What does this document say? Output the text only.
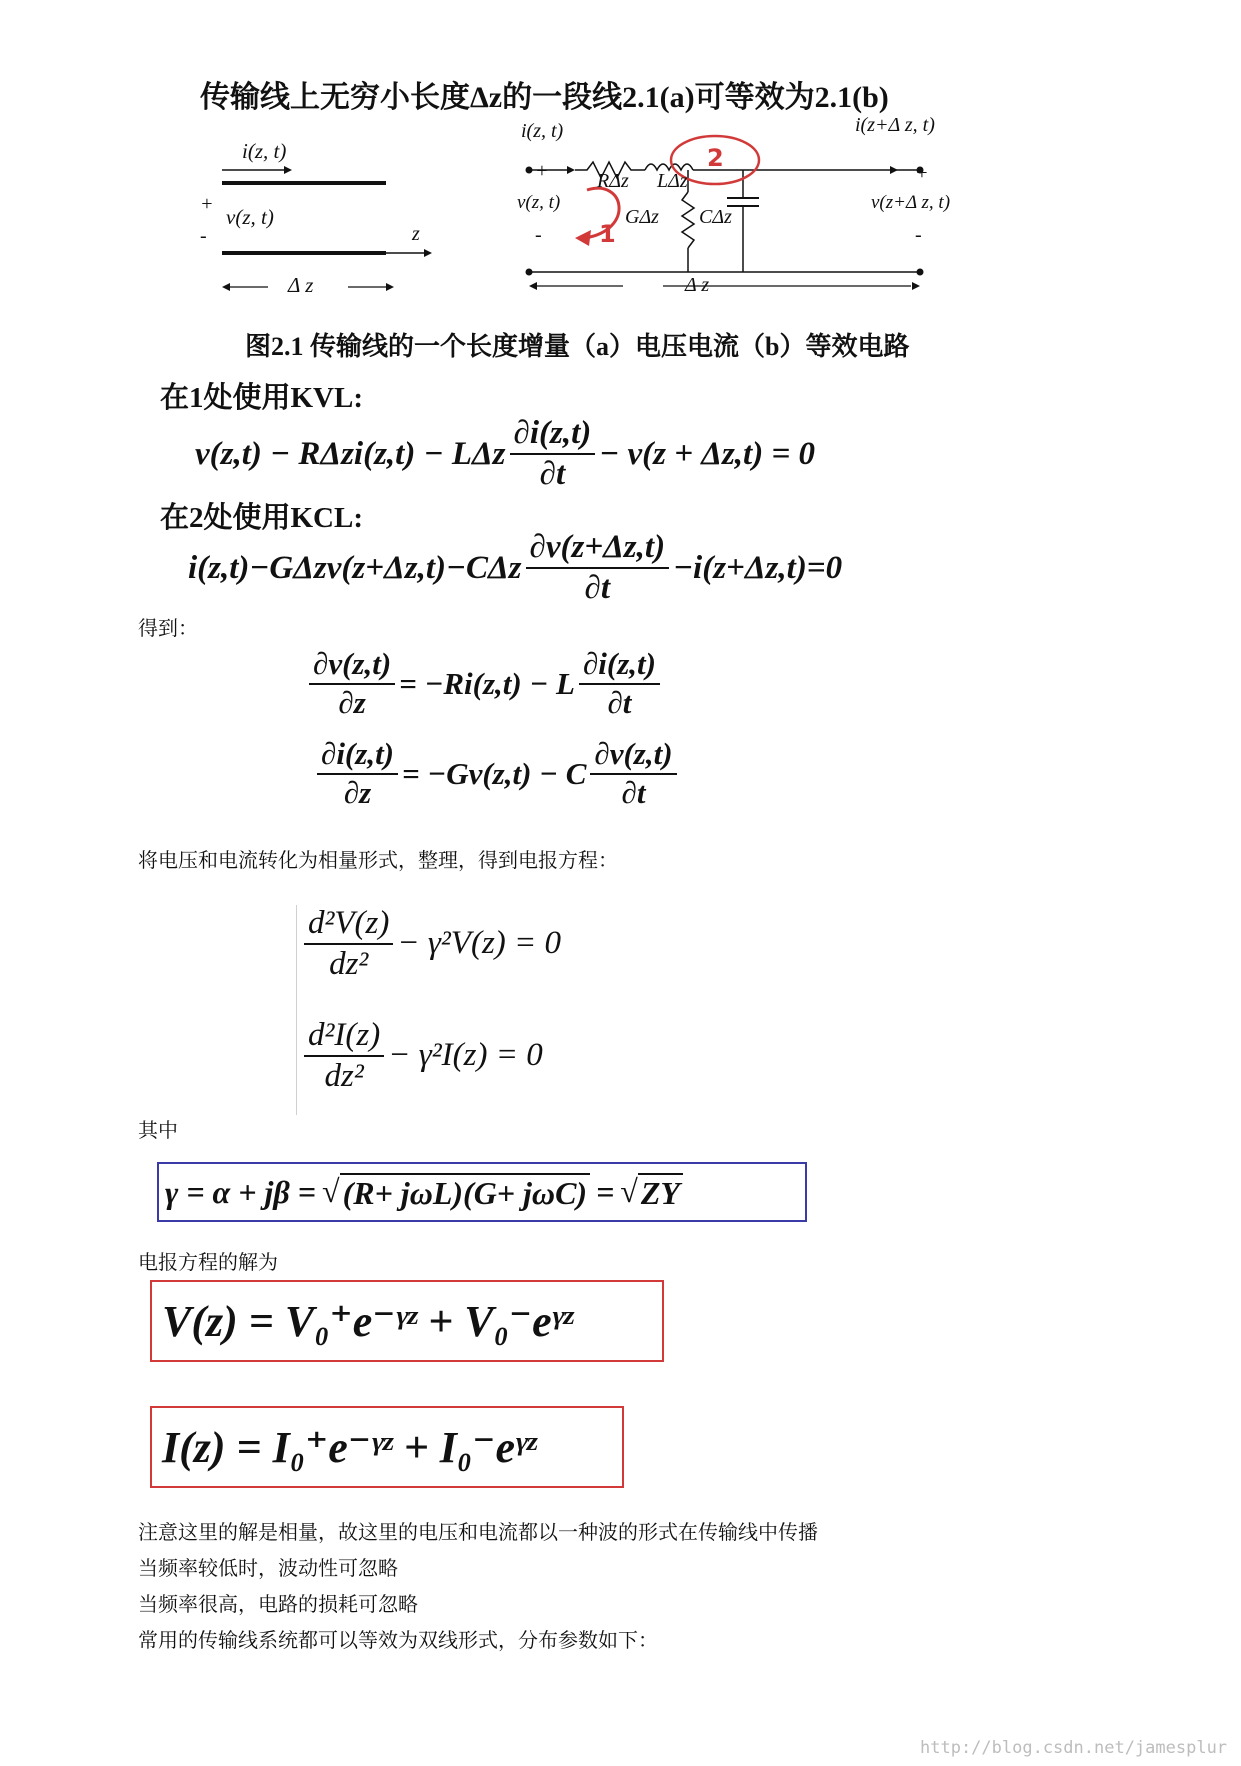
传输线上无穷小长度Δz的一段线2.1(a)可等效为2.1(b)
i(z, t)
+
v(z, t)
-	z
Δ z
i(z, t)	i(z+Δ z, t)
+
v(z, t)
-
RΔz LΔz
GΔz CΔz
1
2
+
v(z+Δ z, t)
-
Δ z
图2.1 传输线的一个长度增量（a）电压电流（b）等效电路
在1处使用KVL:
v(z,t) − RΔzi(z,t) − LΔz $\frac{\partial i(z,t)}{\partial t} - v(z + \Delta z,t) = 0$
在2处使用KCL:
$i(z,t)-G\Delta zv(z+\Delta z,t)-C\Delta z \frac{\partial v(z+\Delta z,t)}{\partial t} -i(z+\Delta z,t)=0$
得到：
$\frac{\partial v(z,t)}{\partial z} = -Ri(z,t) - L \frac{\partial i(z,t)}{\partial t}$
$\frac{\partial i(z,t)}{\partial z} = -Gv(z,t) - C \frac{\partial v(z,t)}{\partial t}$
将电压和电流转化为相量形式，整理，得到电报方程：
$\frac{\text{d²V(z)}}{\text{dz²}} - \gamma^2V(z) = 0$
$\frac{\text{d²I(z)}}{\text{dz²}} - \gamma^2I(z) = 0$
其中
γ = α + jβ = √ (R+ jωL)(G+ jωC) = √ ZY
电报方程的解为
V(z) = V₀⁺e⁻ᵞᶻ + V₀⁻eᵞᶻ
I(z) = I₀⁺e⁻ᵞᶻ + I₀⁻eᵞᶻ
注意这里的解是相量，故这里的电压和电流都以一种波的形式在传输线中传播
当频率较低时，波动性可忽略
当频率很高，电路的损耗可忽略
常用的传输线系统都可以等效为双线形式，分布参数如下：
http://blog.csdn.net/jamesplur
